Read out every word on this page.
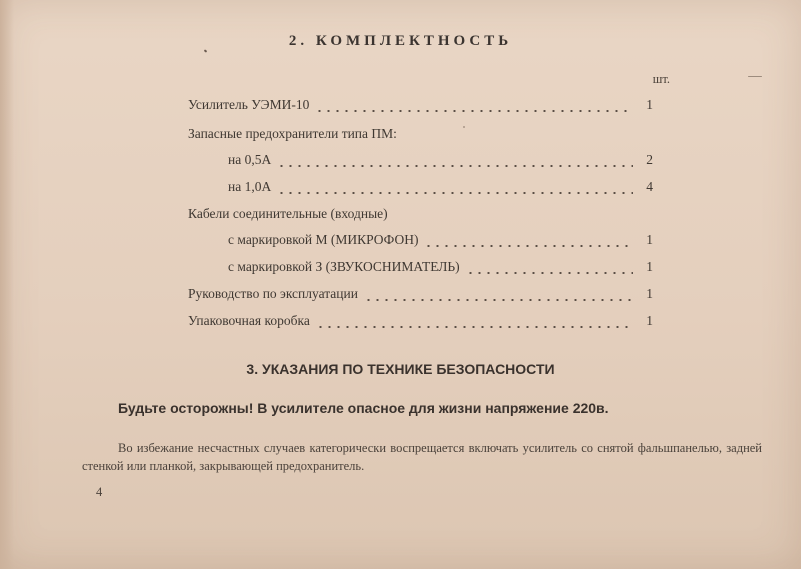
2. КОМПЛЕКТНОСТЬ
шт.
Усилитель УЭМИ-10	1
Запасные предохранители типа ПМ:
на 0,5А	2
на 1,0А	4
Кабели соединительные (входные)
с маркировкой М (МИКРОФОН)	1
с маркировкой З (ЗВУКОСНИМАТЕЛЬ)	1
Руководство по эксплуатации	1
Упаковочная коробка	1
3. УКАЗАНИЯ ПО ТЕХНИКЕ БЕЗОПАСНОСТИ
Будьте осторожны! В усилителе опасное для жизни напряжение 220в.
Во избежание несчастных случаев категорически воспрещается включать усилитель со снятой фальшпанелью, задней стенкой или планкой, закрывающей предохранитель.
4
